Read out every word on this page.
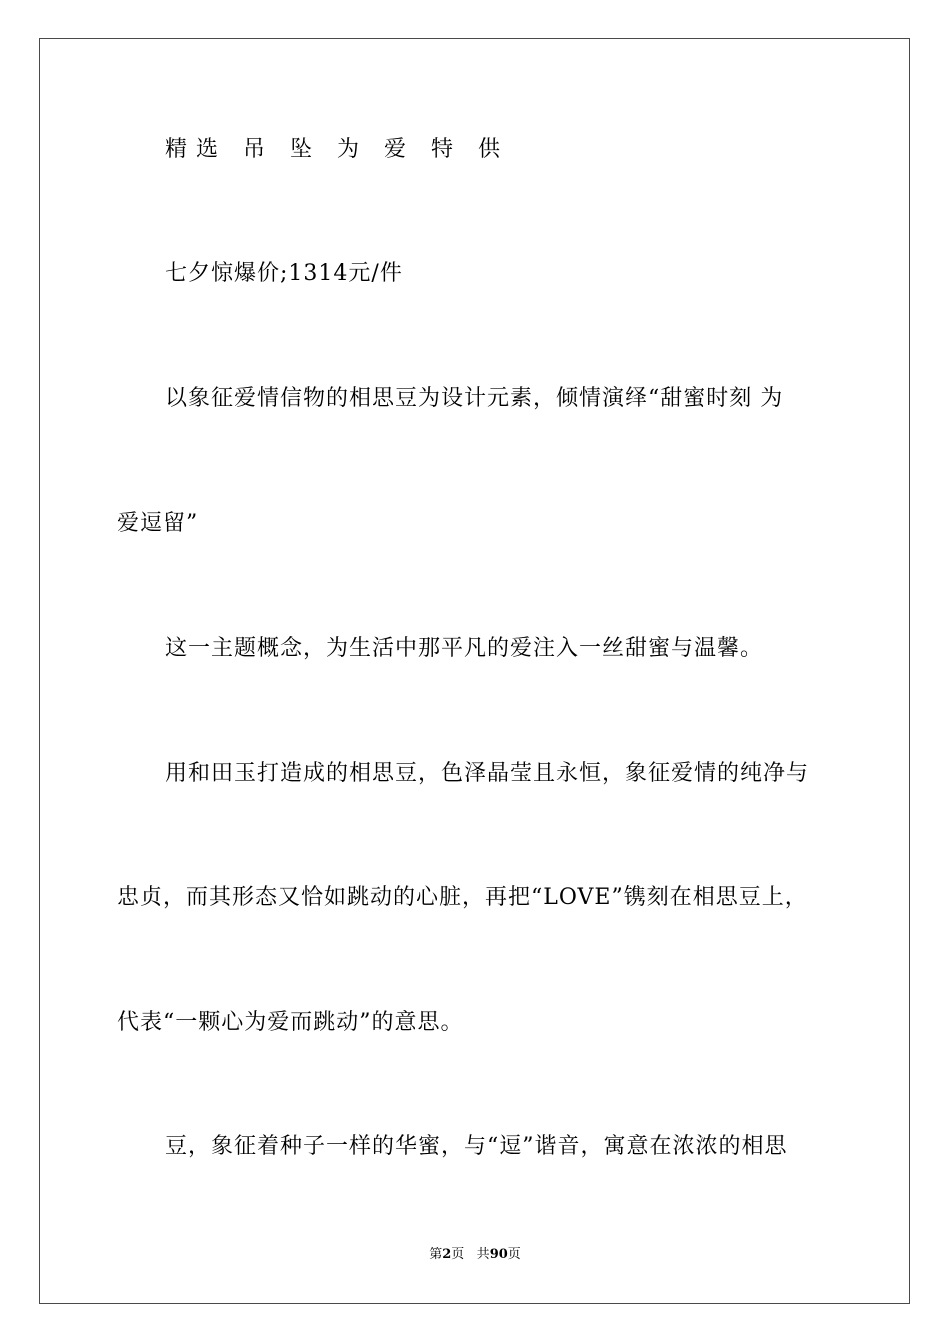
精选 吊 坠 为 爱 特 供
七夕惊爆价;1314元/件
以象征爱情信物的相思豆为设计元素，倾情演绎“甜蜜时刻 为
爱逗留”
这一主题概念，为生活中那平凡的爱注入一丝甜蜜与温馨。
用和田玉打造成的相思豆，色泽晶莹且永恒，象征爱情的纯净与
忠贞，而其形态又恰如跳动的心脏，再把“LOVE”镌刻在相思豆上，
代表“一颗心为爱而跳动”的意思。
豆，象征着种子一样的华蜜，与“逗”谐音，寓意在浓浓的相思
第2页 共90页
